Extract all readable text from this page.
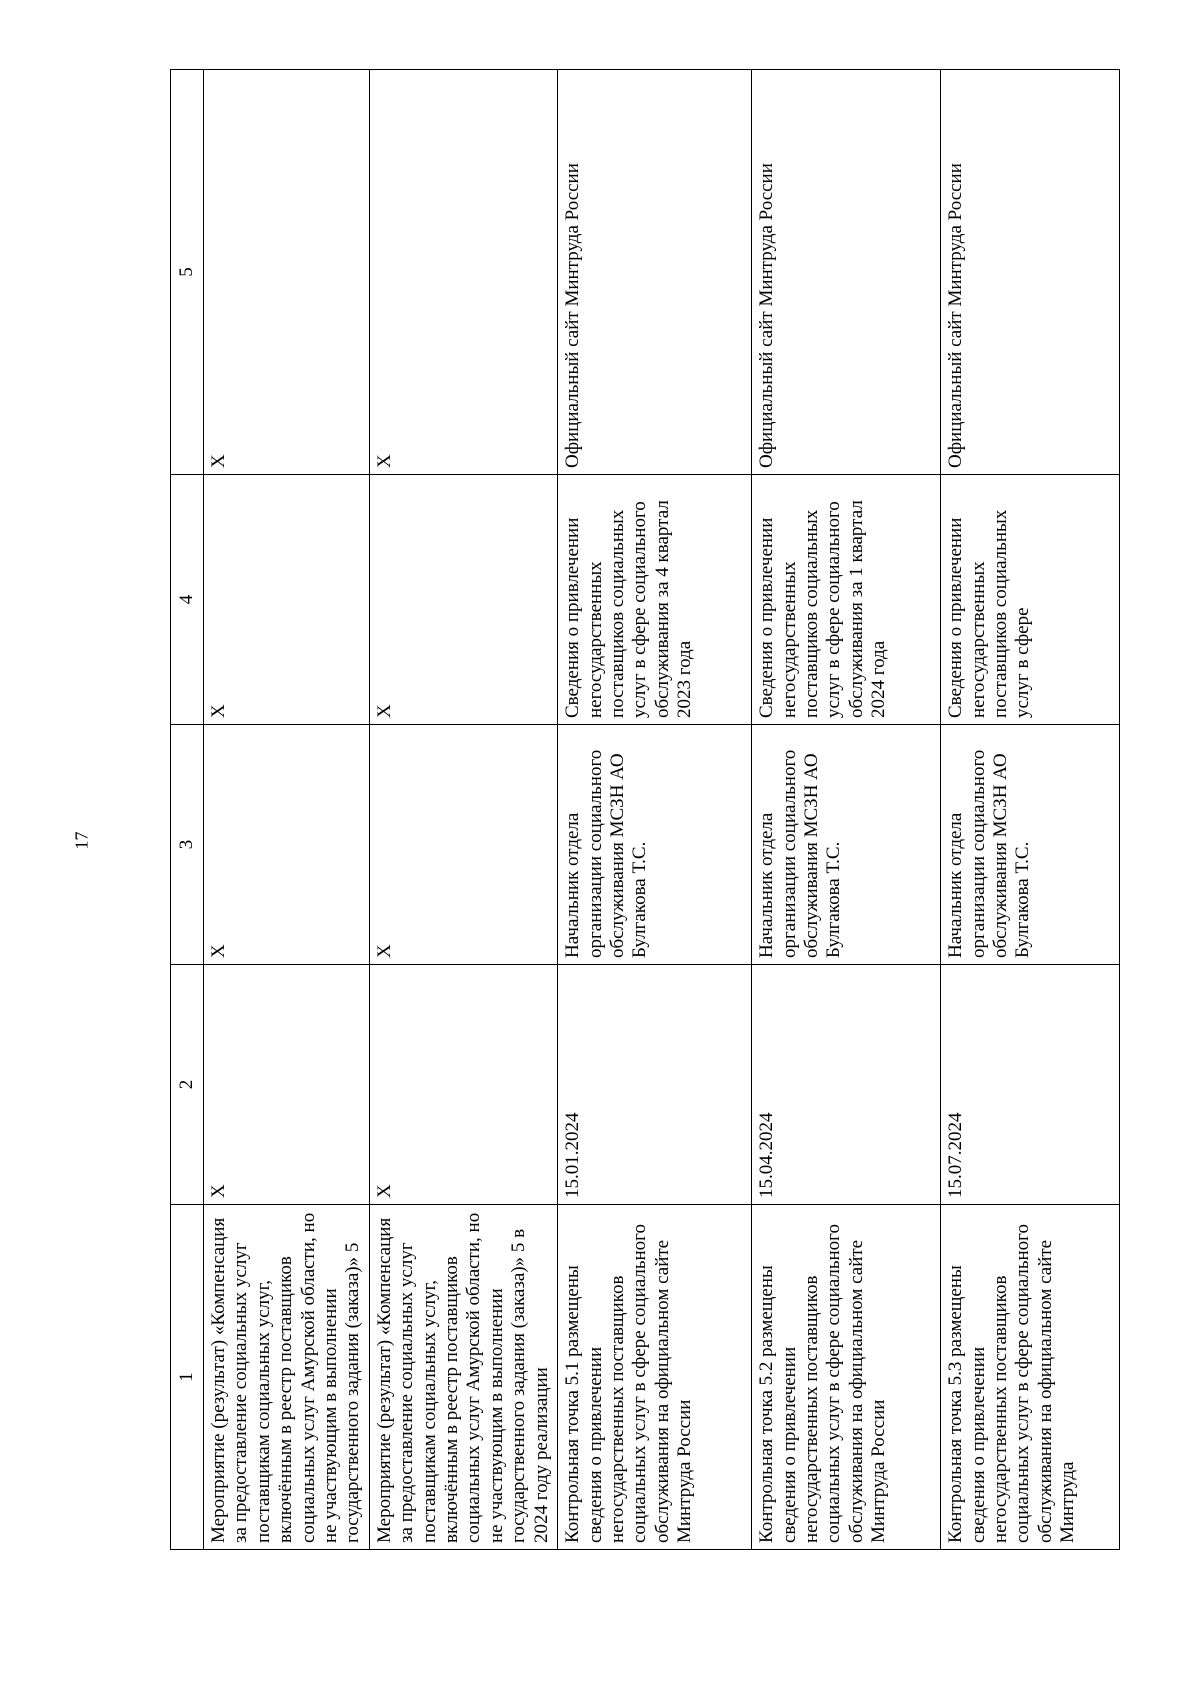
17
1	2	3	4	5
Мероприятие (результат) «Компенсация за предоставление социальных услуг поставщикам социальных услуг, включённым в реестр поставщиков социальных услуг Амурской области, но не участвующим в выполнении государственного задания (заказа)» 5	X	X	X	X
Мероприятие (результат) «Компенсация за предоставление социальных услуг поставщикам социальных услуг, включённым в реестр поставщиков социальных услуг Амурской области, но не участвующим в выполнении государственного задания (заказа)» 5 в 2024 году реализации	X	X	X	X
Контрольная точка 5.1 размещены сведения о привлечении негосударственных поставщиков социальных услуг в сфере социального обслуживания на официальном сайте Минтруда России	15.01.2024	Начальник отдела организации социального обслуживания МСЗН АО Булгакова Т.С.	Сведения о привлечении негосударственных поставщиков социальных услуг в сфере социального обслуживания за 4 квартал 2023 года	Официальный сайт Минтруда России
Контрольная точка 5.2 размещены сведения о привлечении негосударственных поставщиков социальных услуг в сфере социального обслуживания на официальном сайте Минтруда России	15.04.2024	Начальник отдела организации социального обслуживания МСЗН АО Булгакова Т.С.	Сведения о привлечении негосударственных поставщиков социальных услуг в сфере социального обслуживания за 1 квартал 2024 года	Официальный сайт Минтруда России
Контрольная точка 5.3 размещены сведения о привлечении негосударственных поставщиков социальных услуг в сфере социального обслуживания на официальном сайте Минтруда	15.07.2024	Начальник отдела организации социального обслуживания МСЗН АО Булгакова Т.С.	Сведения о привлечении негосударственных поставщиков социальных услуг в сфере	Официальный сайт Минтруда России
